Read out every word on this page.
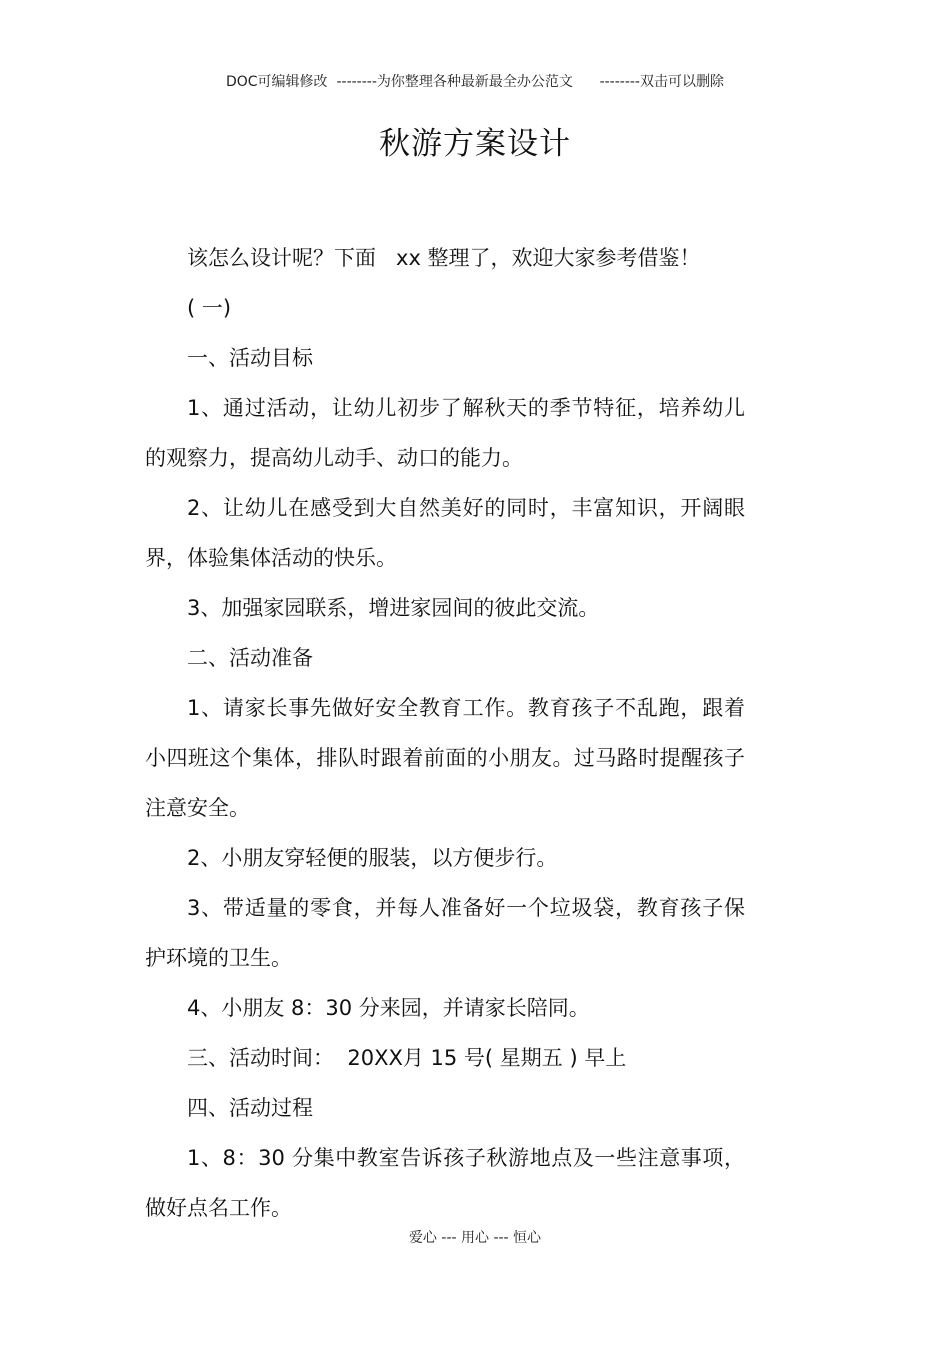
DOC可编辑修改  --------为你整理各种最新最全办公范文      --------双击可以删除
秋游方案设计

该怎么设计呢？下面   xx 整理了，欢迎大家参考借鉴！

( 一)

一、活动目标

1、通过活动，让幼儿初步了解秋天的季节特征，培养幼儿的观察力，提高幼儿动手、动口的能力。

2、让幼儿在感受到大自然美好的同时，丰富知识，开阔眼界，体验集体活动的快乐。

3、加强家园联系，增进家园间的彼此交流。

二、活动准备

1、请家长事先做好安全教育工作。教育孩子不乱跑，跟着小四班这个集体，排队时跟着前面的小朋友。过马路时提醒孩子注意安全。

2、小朋友穿轻便的服装，以方便步行。

3、带适量的零食，并每人准备好一个垃圾袋，教育孩子保护环境的卫生。

4、小朋友 8：30 分来园，并请家长陪同。

三、活动时间：  20XX月 15 号( 星期五 ) 早上

四、活动过程

1、8：30 分集中教室告诉孩子秋游地点及一些注意事项，做好点名工作。

爱心 --- 用心 --- 恒心
